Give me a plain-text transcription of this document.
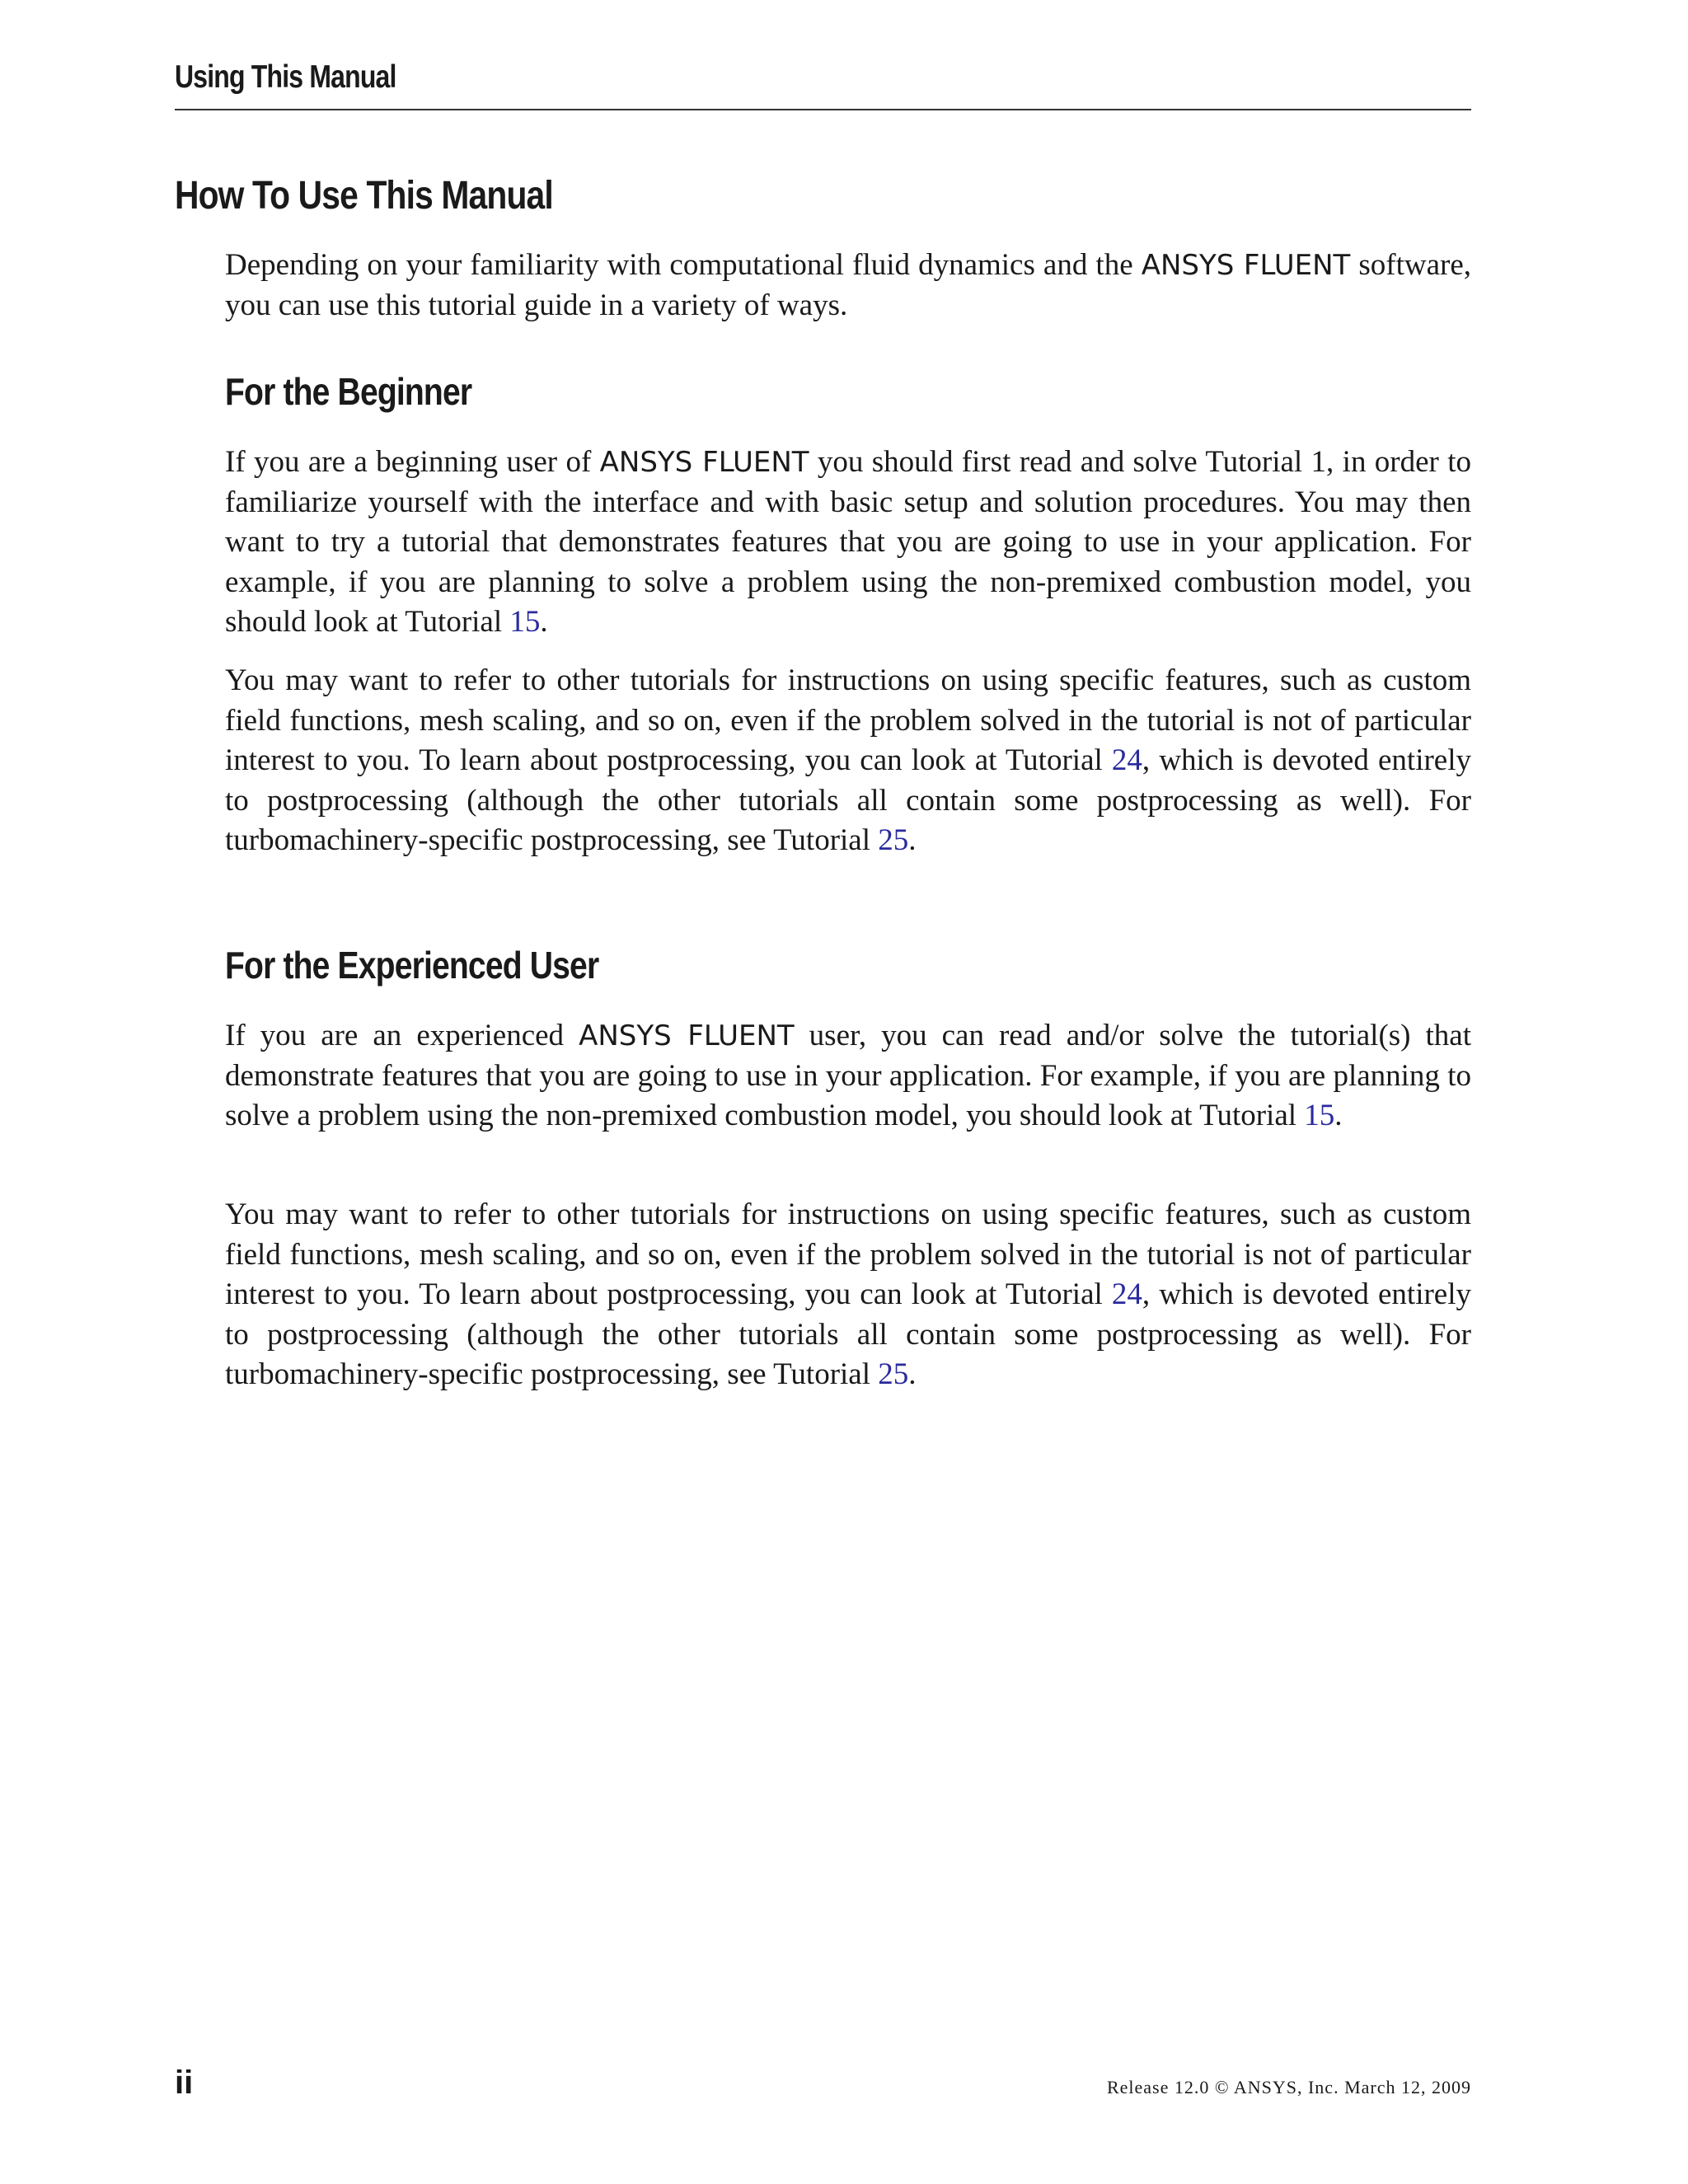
Using This Manual
How To Use This Manual

Depending on your familiarity with computational fluid dynamics and the ANSYS FLUENT software, you can use this tutorial guide in a variety of ways.

For the Beginner

If you are a beginning user of ANSYS FLUENT you should first read and solve Tutorial 1, in order to familiarize yourself with the interface and with basic setup and solution procedures. You may then want to try a tutorial that demonstrates features that you are going to use in your application. For example, if you are planning to solve a problem using the non-premixed combustion model, you should look at Tutorial 15.

You may want to refer to other tutorials for instructions on using specific features, such as custom field functions, mesh scaling, and so on, even if the problem solved in the tutorial is not of particular interest to you. To learn about postprocessing, you can look at Tutorial 24, which is devoted entirely to postprocessing (although the other tutorials all contain some postprocessing as well). For turbomachinery-specific postprocessing, see Tutorial 25.

For the Experienced User

If you are an experienced ANSYS FLUENT user, you can read and/or solve the tutorial(s) that demonstrate features that you are going to use in your application. For example, if you are planning to solve a problem using the non-premixed combustion model, you should look at Tutorial 15.

You may want to refer to other tutorials for instructions on using specific features, such as custom field functions, mesh scaling, and so on, even if the problem solved in the tutorial is not of particular interest to you. To learn about postprocessing, you can look at Tutorial 24, which is devoted entirely to postprocessing (although the other tutorials all contain some postprocessing as well). For turbomachinery-specific postprocessing, see Tutorial 25.

ii	Release 12.0 © ANSYS, Inc. March 12, 2009
